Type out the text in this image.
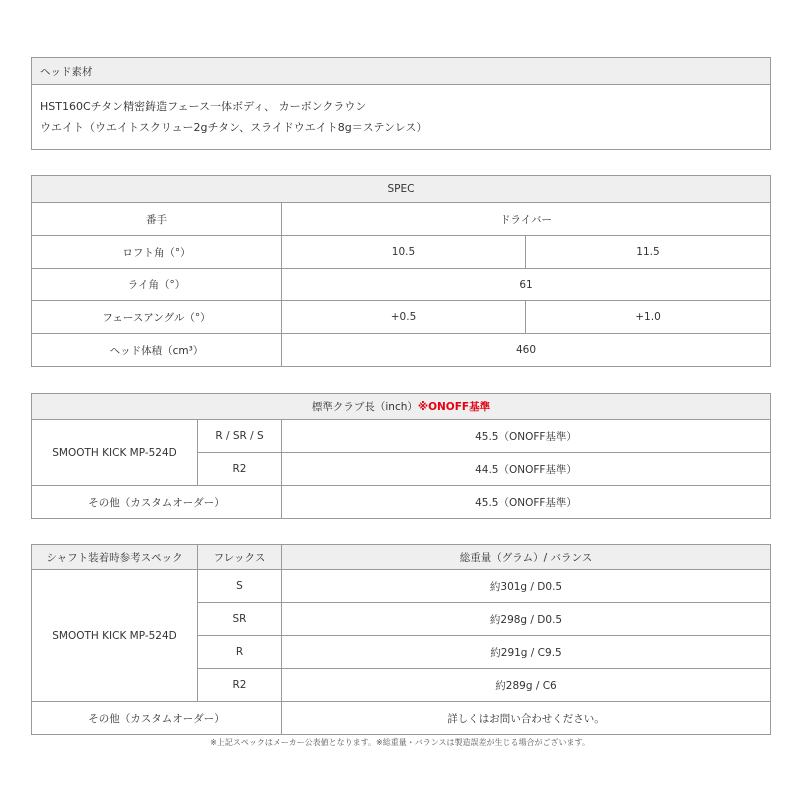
ヘッド素材

HST160Cチタン精密鋳造フェース一体ボディ、 カーボンクラウン
ウエイト（ウエイトスクリュー2gチタン、スライドウエイト8g＝ステンレス）
SPEC		
番手	ドライバー	
ロフト角（°）	10.5	11.5
ライ角（°）	61	
フェースアングル（°）	+0.5	+1.0
ヘッド体積（cm³）	460	
標準クラブ長（inch）※ONOFF基準		
SMOOTH KICK MP-524D	R / SR / S	45.5（ONOFF基準）
	R2	44.5（ONOFF基準）
その他（カスタムオーダー）		45.5（ONOFF基準）
シャフト装着時参考スペック	フレックス	総重量（グラム）/ バランス
SMOOTH KICK MP-524D	S	約301g / D0.5
	SR	約298g / D0.5
	R	約291g / C9.5
	R2	約289g / C6
その他（カスタムオーダー）		詳しくはお問い合わせください。
※上記スペックはメーカー公表値となります。※総重量・バランスは製造誤差が生じる場合がございます。
